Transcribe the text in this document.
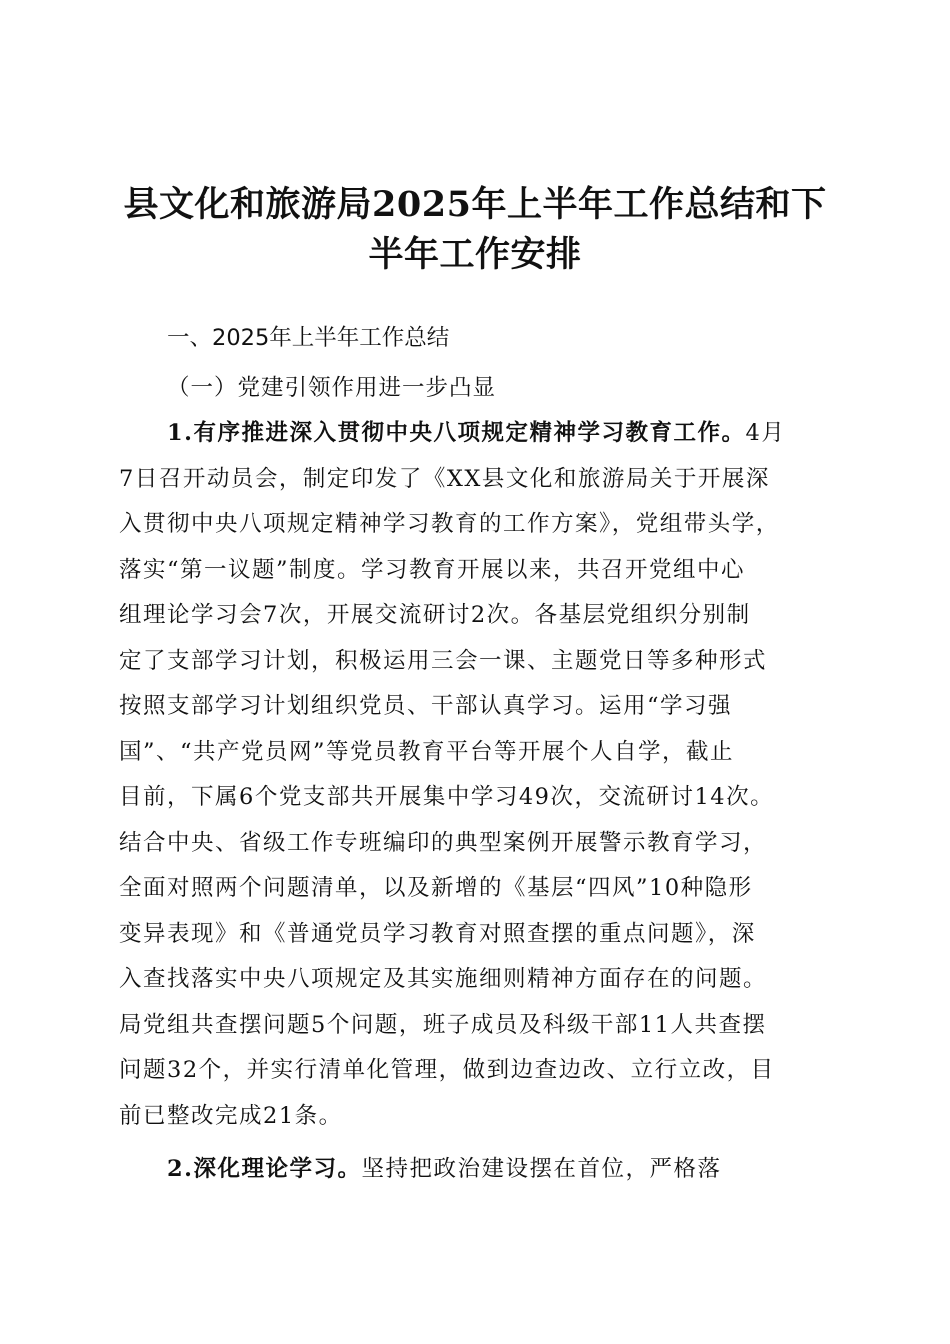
县文化和旅游局2025年上半年工作总结和下
半年工作安排

一、2025年上半年工作总结

（一）党建引领作用进一步凸显

1.有序推进深入贯彻中央八项规定精神学习教育工作。4月
7日召开动员会，制定印发了《XX县文化和旅游局关于开展深
入贯彻中央八项规定精神学习教育的工作方案》，党组带头学，
落实“第一议题”制度。学习教育开展以来，共召开党组中心
组理论学习会7次，开展交流研讨2次。各基层党组织分别制
定了支部学习计划，积极运用三会一课、主题党日等多种形式
按照支部学习计划组织党员、干部认真学习。运用“学习强
国”、“共产党员网”等党员教育平台等开展个人自学，截止
目前，下属6个党支部共开展集中学习49次，交流研讨14次。
结合中央、省级工作专班编印的典型案例开展警示教育学习，
全面对照两个问题清单，以及新增的《基层“四风”10种隐形
变异表现》和《普通党员学习教育对照查摆的重点问题》，深
入查找落实中央八项规定及其实施细则精神方面存在的问题。
局党组共查摆问题5个问题，班子成员及科级干部11人共查摆
问题32个，并实行清单化管理，做到边查边改、立行立改，目
前已整改完成21条。
2.深化理论学习。坚持把政治建设摆在首位，严格落
